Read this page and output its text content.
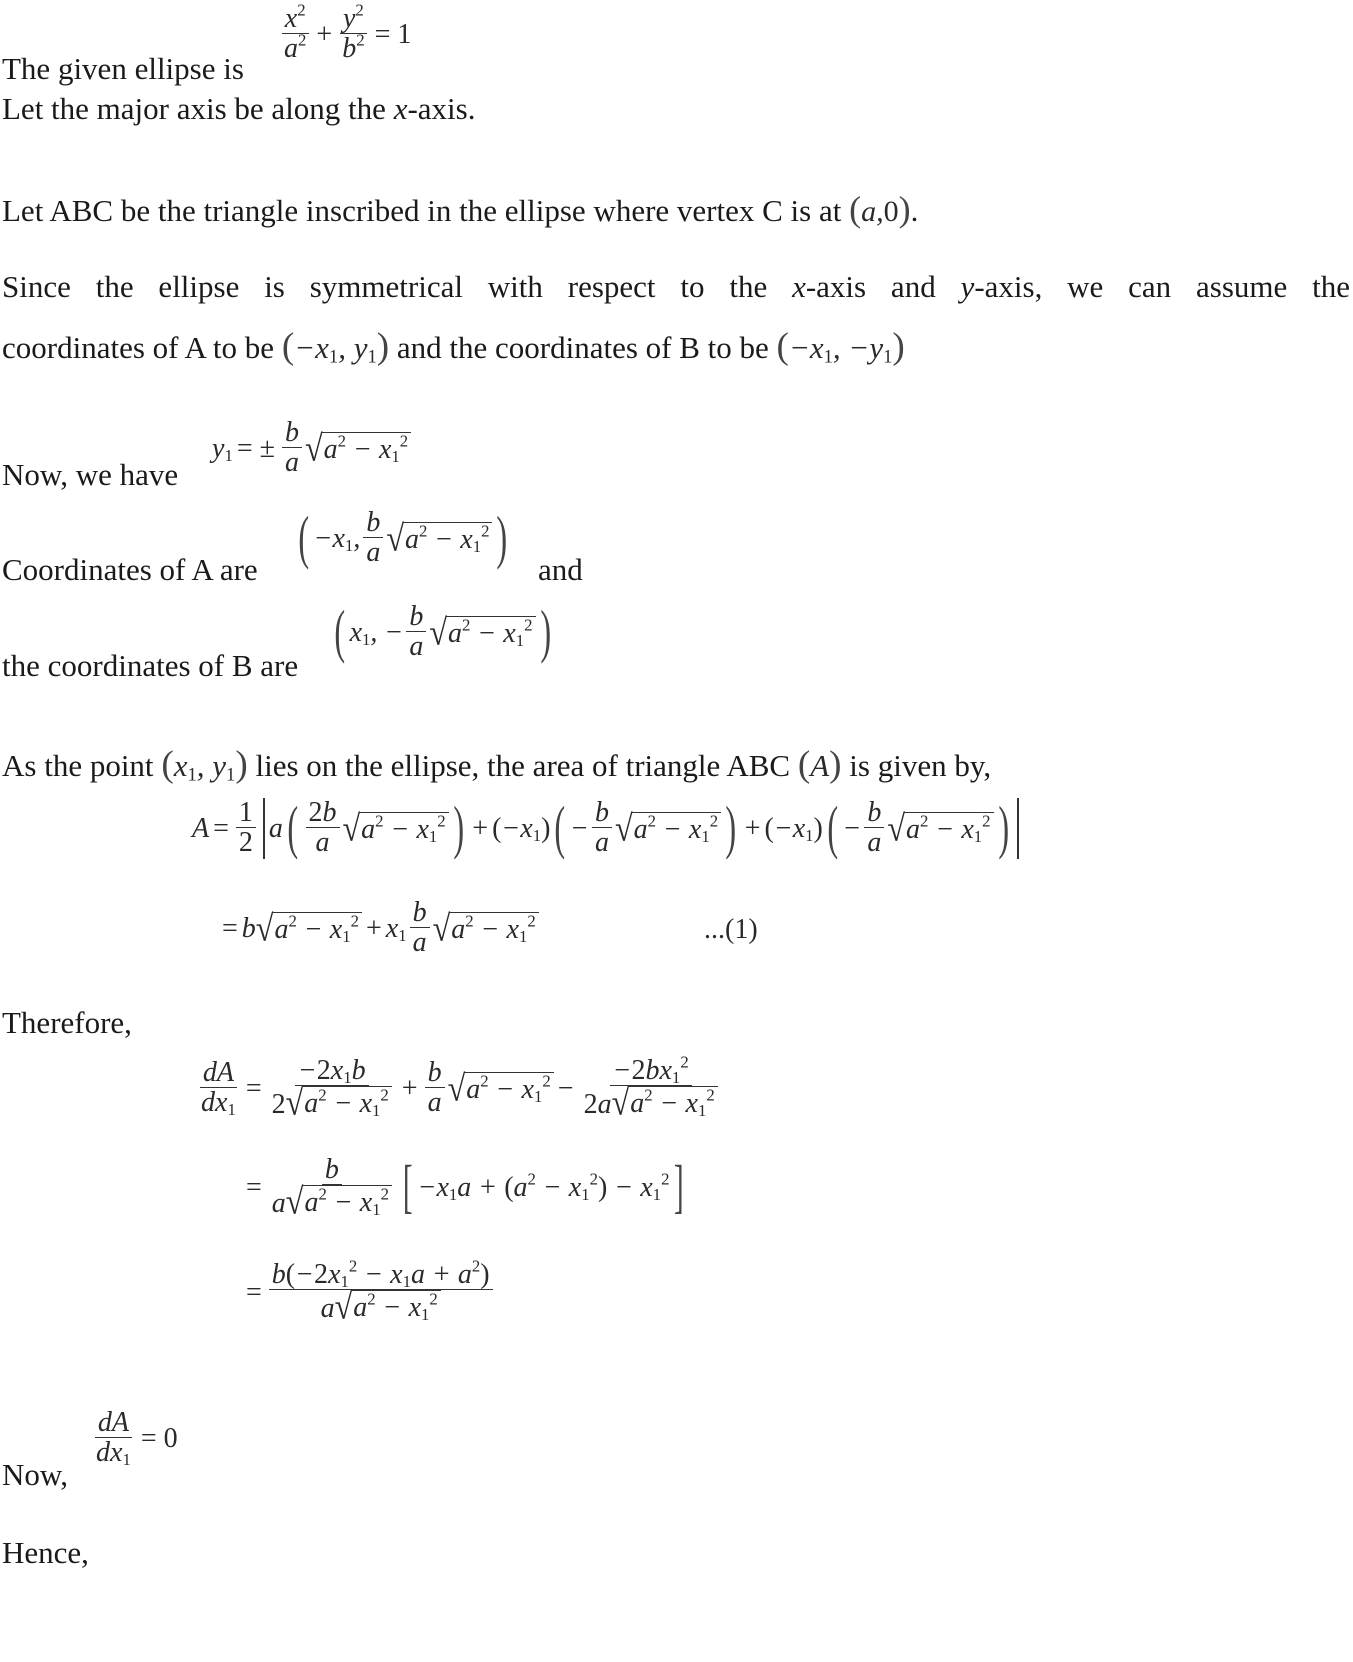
The given ellipse is
$\frac{x^2}{a^2} + \frac{y^2}{b^2} = 1$
Let the major axis be along the x-axis.
Let ABC be the triangle inscribed in the ellipse where vertex C is at (a,0).
Since the ellipse is symmetrical with respect to the x-axis and y-axis, we can assume the
coordinates of A to be ($-x_1$, $y_1$) and the coordinates of B to be ($-x_1$, $-y_1$)
Now, we have
$y_1$ = ± $\frac{b}{a}$ √ $a^2 - x_1^2$
Coordinates of A are ( $-x_1$, $\frac{b}{a}$ √ $a^2 - x_1^2$ ) and
the coordinates of B are
( $x_1$, − $\frac{b}{a}$ √ $a^2 - x_1^2$ )
As the point ($x_1$, $y_1$) lies on the ellipse, the area of triangle ABC (A) is given by,
$A = \frac{1}{2}$ a ( $\frac{2b}{a}$ √ $a^2 - x_1^2$ ) + $(-x_1)$ ( − $\frac{b}{a}$ √ $a^2 - x_1^2$ ) + $(-x_1)$ ( − $\frac{b}{a}$ √ $a^2 - x_1^2$ )
= b √ $a^2 - x_1^2 + x_1 \frac{b}{a}$ √ $a^2 - x_1^2$	...(1)
Therefore,
$\frac{dA}{dx_1} = \frac{-2x_1b}{2 √ a^2 - x_1^2} + \frac{b}{a}$ √ $a^2 - x_1^2 - \frac{-2bx_1^2}{2a √ a^2 - x_1^2}$
= $\frac{b}{a √ a^2 - x_1^2}$ [ $-x_1a + (a^2 - x_1^2) - x_1^2$ ]
= $\frac{b(-2x_1^2 - x_1a + a^2)}{a √ a^2 - x_1^2}$
Now,
$\frac{dA}{dx_1} = 0$
Hence,
